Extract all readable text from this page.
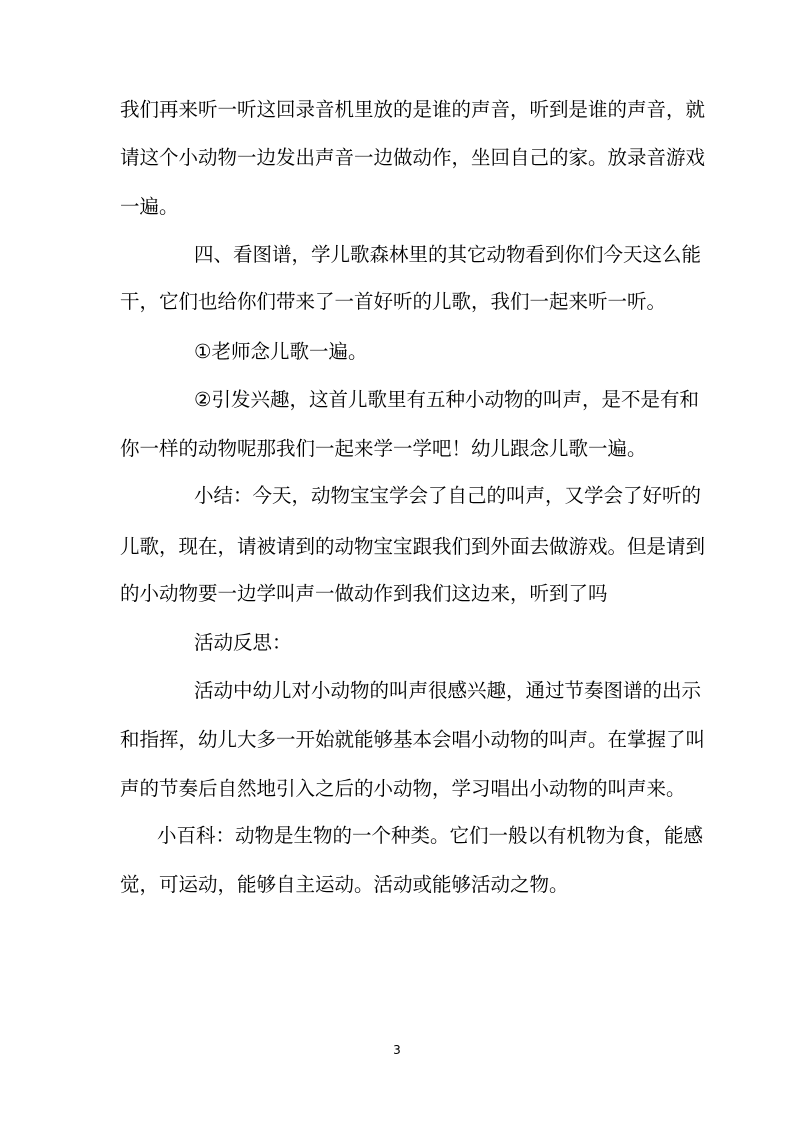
我们再来听一听这回录音机里放的是谁的声音，听到是谁的声音，就
请这个小动物一边发出声音一边做动作，坐回自己的家。放录音游戏
一遍。
四、看图谱，学儿歌森林里的其它动物看到你们今天这么能
干，它们也给你们带来了一首好听的儿歌，我们一起来听一听。
①老师念儿歌一遍。
②引发兴趣，这首儿歌里有五种小动物的叫声，是不是有和
你一样的动物呢那我们一起来学一学吧！幼儿跟念儿歌一遍。
小结：今天，动物宝宝学会了自己的叫声，又学会了好听的
儿歌，现在，请被请到的动物宝宝跟我们到外面去做游戏。但是请到
的小动物要一边学叫声一做动作到我们这边来，听到了吗
活动反思：
活动中幼儿对小动物的叫声很感兴趣，通过节奏图谱的出示
和指挥，幼儿大多一开始就能够基本会唱小动物的叫声。在掌握了叫
声的节奏后自然地引入之后的小动物，学习唱出小动物的叫声来。
小百科：动物是生物的一个种类。它们一般以有机物为食，能感
觉，可运动，能够自主运动。活动或能够活动之物。
3
